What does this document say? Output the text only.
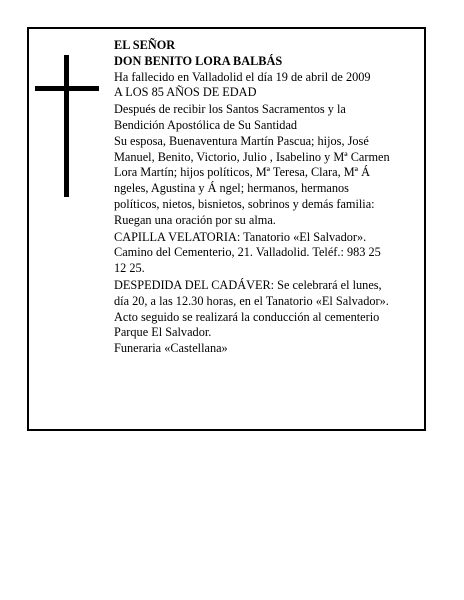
EL SEÑOR
DON BENITO LORA BALBÁS
Ha fallecido en Valladolid el día 19 de abril de 2009
A LOS 85 AÑOS DE EDAD
Después de recibir los Santos Sacramentos y la
Bendición Apostólica de Su Santidad
Su esposa, Buenaventura Martín Pascua; hijos, José
Manuel, Benito, Victorio, Julio , Isabelino y Mª Carmen
Lora Martín; hijos políticos, Mª Teresa, Clara, Mª Á
ngeles, Agustina y Á ngel; hermanos, hermanos
políticos, nietos, bisnietos, sobrinos y demás familia:
Ruegan una oración por su alma.
CAPILLA VELATORIA: Tanatorio «El Salvador».
Camino del Cementerio, 21. Valladolid. Teléf.: 983 25
12 25.
DESPEDIDA DEL CADÁVER: Se celebrará el lunes,
día 20, a las 12.30 horas, en el Tanatorio «El Salvador».
Acto seguido se realizará la conducción al cementerio
Parque El Salvador.
Funeraria «Castellana»
